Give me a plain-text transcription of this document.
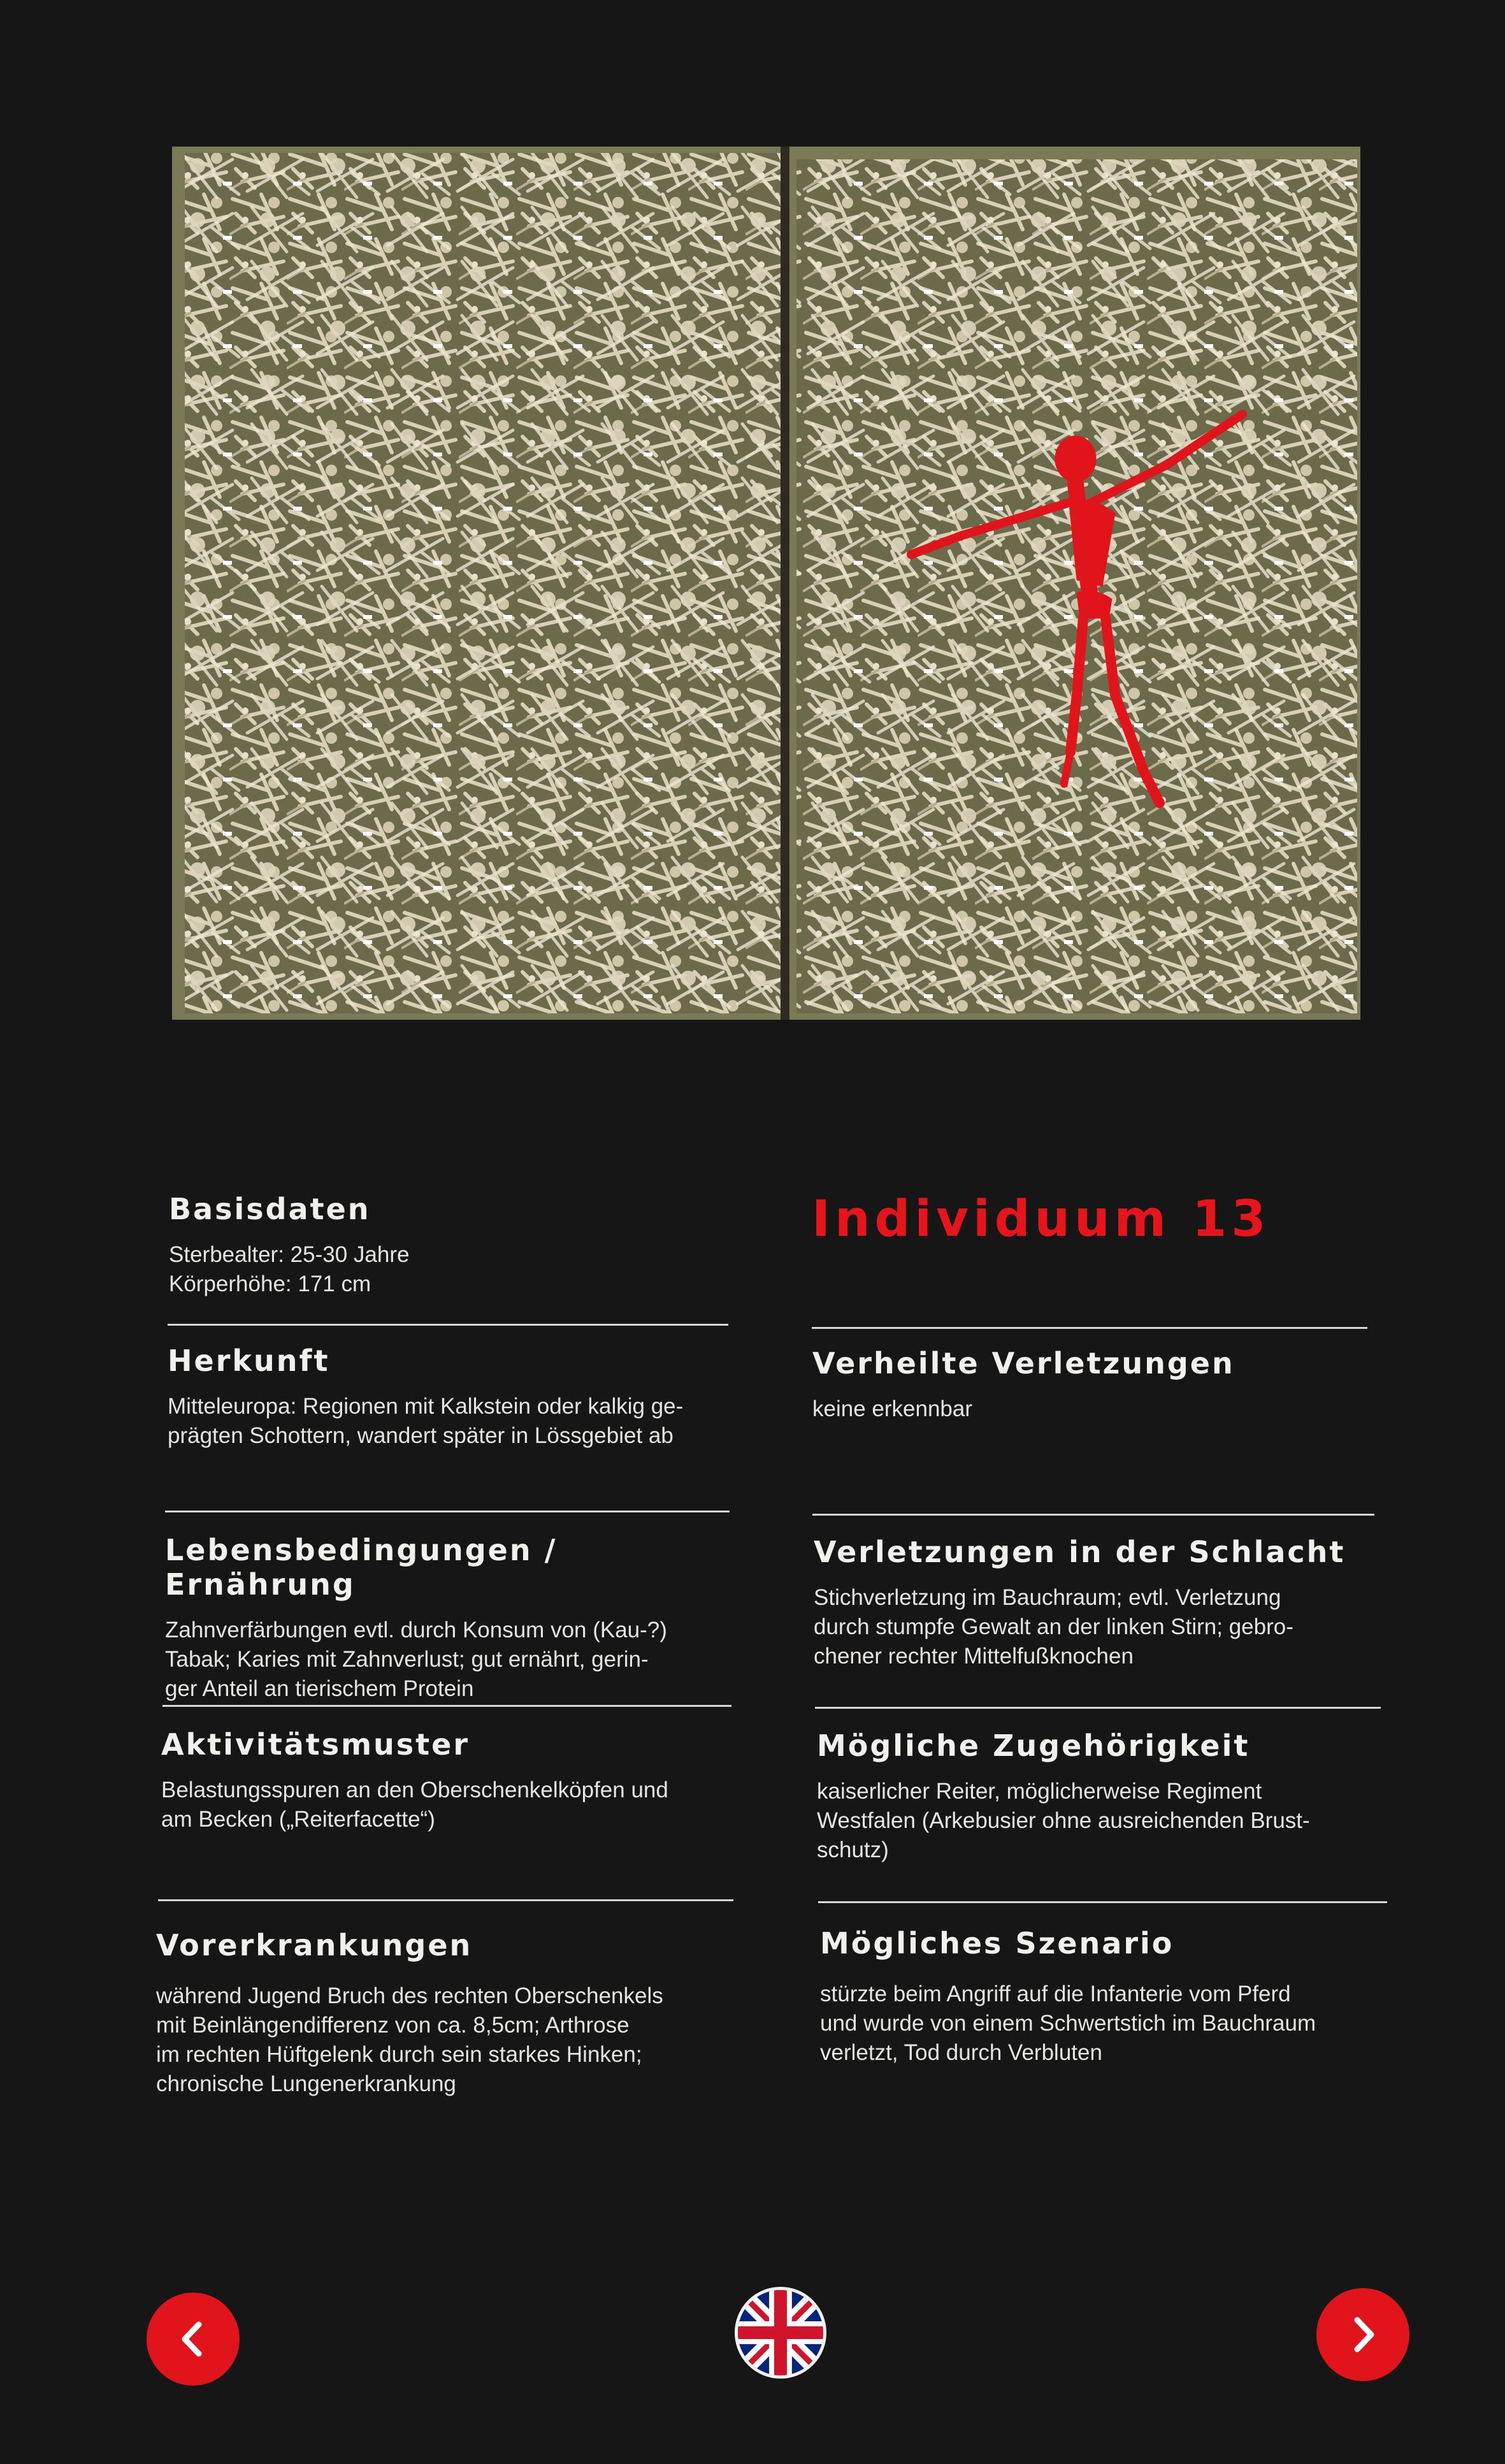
Basisdaten

Sterbealter: 25-30 Jahre
Körperhöhe: 171 cm

Herkunft

Mitteleuropa: Regionen mit Kalkstein oder kalkig ge-
prägten Schottern, wandert später in Lössgebiet ab

Lebensbedingungen / Ernährung

Zahnverfärbungen evtl. durch Konsum von (Kau-?)
Tabak; Karies mit Zahnverlust; gut ernährt, gerin-
ger Anteil an tierischem Protein

Aktivitätsmuster

Belastungsspuren an den Oberschenkelköpfen und
am Becken („Reiterfacette“)

Vorerkrankungen

während Jugend Bruch des rechten Oberschenkels
mit Beinlängendifferenz von ca. 8,5cm; Arthrose
im rechten Hüftgelenk durch sein starkes Hinken;
chronische Lungenerkrankung

Individuum 13
Verheilte Verletzungen

keine erkennbar

Verletzungen in der Schlacht

Stichverletzung im Bauchraum; evtl. Verletzung
durch stumpfe Gewalt an der linken Stirn; gebro-
chener rechter Mittelfußknochen

Mögliche Zugehörigkeit

kaiserlicher Reiter, möglicherweise Regiment
Westfalen (Arkebusier ohne ausreichenden Brust-
schutz)

Mögliches Szenario

stürzte beim Angriff auf die Infanterie vom Pferd
und wurde von einem Schwertstich im Bauchraum
verletzt, Tod durch Verbluten
